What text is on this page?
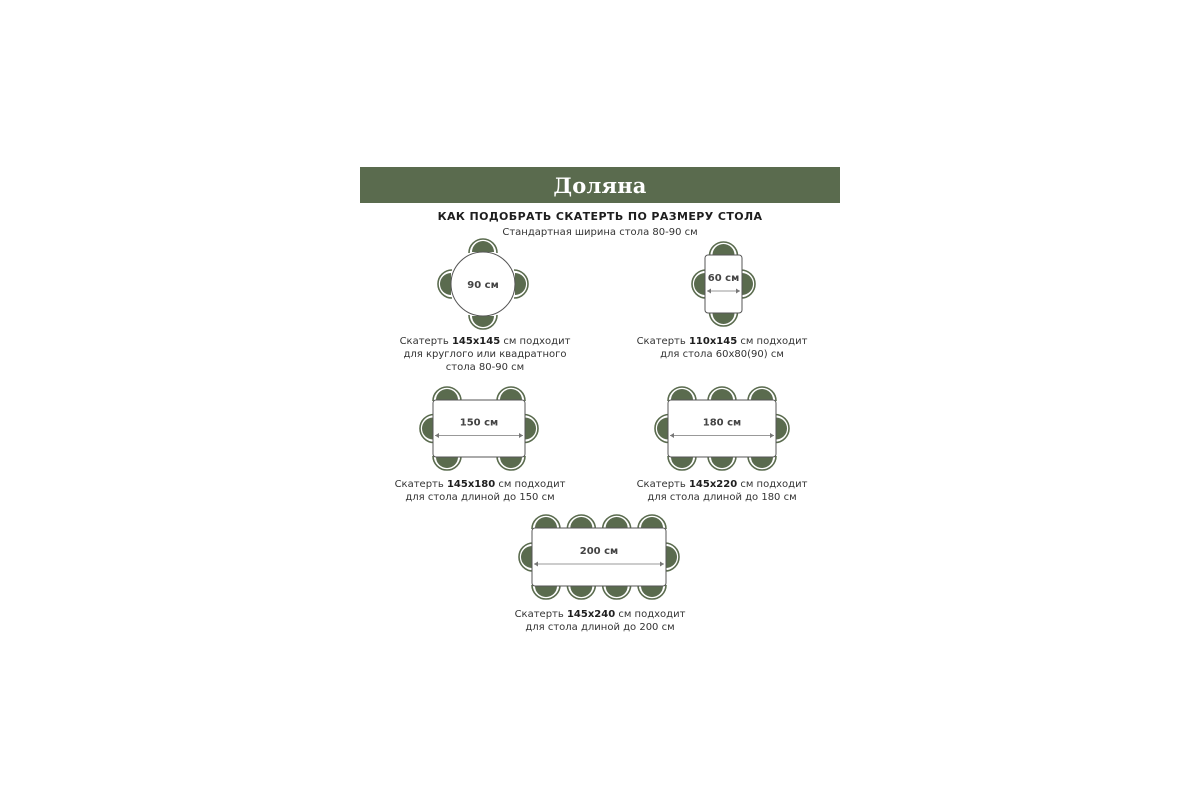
Доляна
КАК ПОДОБРАТЬ СКАТЕРТЬ ПО РАЗМЕРУ СТОЛА
Стандартная ширина стола 80-90 см
90 см
60 см
150 см	180 см
200 см
Скатерть 145x145 см подходит
для круглого или квадратного
стола 80-90 см
Скатерть 110x145 см подходит
для стола 60x80(90) см
Скатерть 145x180 см подходит
для стола длиной до 150 см
Скатерть 145x220 см подходит
для стола длиной до 180 см
Скатерть 145x240 см подходит
для стола длиной до 200 см
